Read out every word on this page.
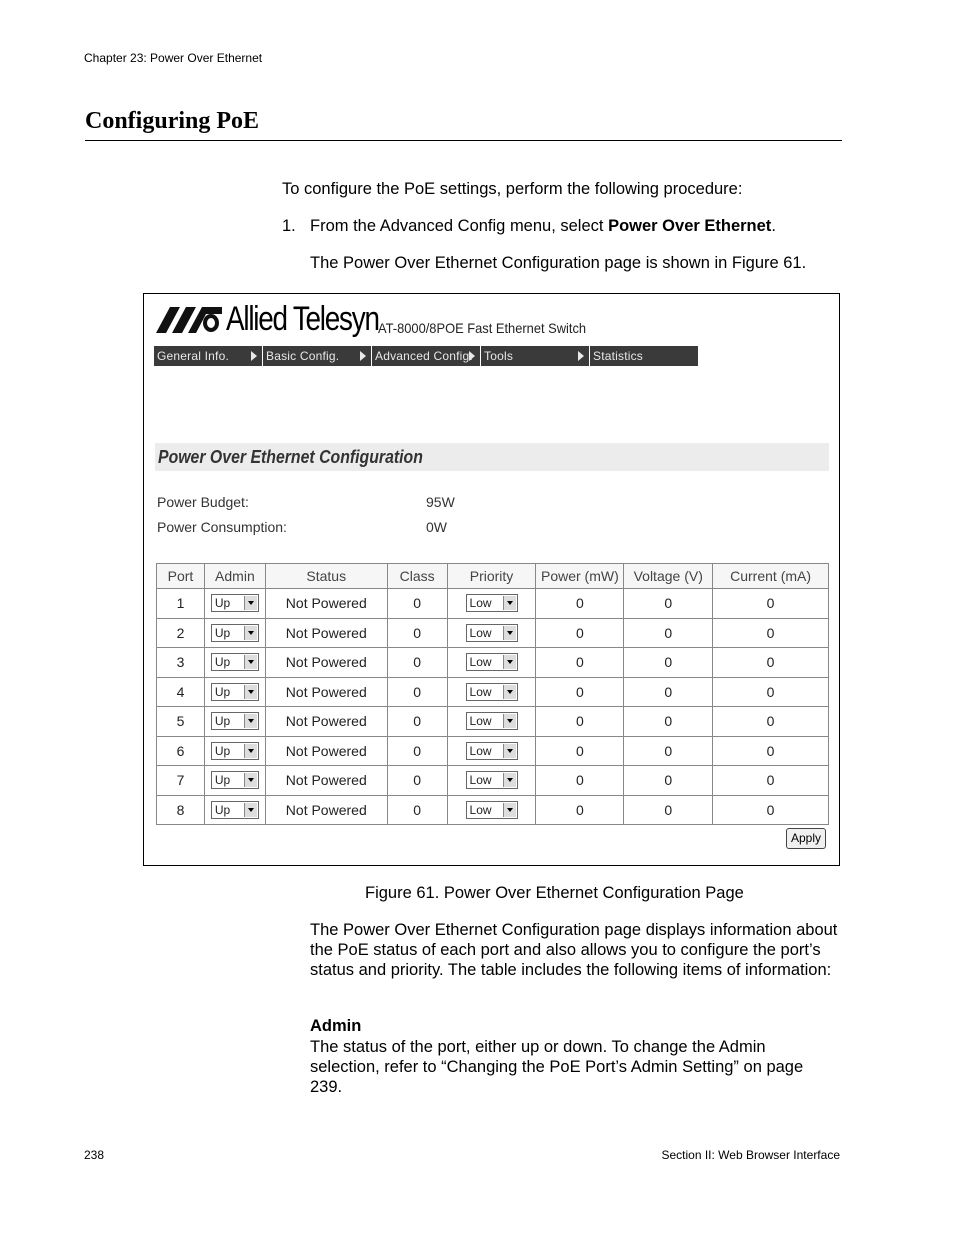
Chapter 23: Power Over Ethernet
Configuring PoE
To configure the PoE settings, perform the following procedure:
1. From the Advanced Config menu, select Power Over Ethernet.
The Power Over Ethernet Configuration page is shown in Figure 61.
Allied Telesyn AT-8000/8POE Fast Ethernet Switch
General Info.	Basic Config.	Advanced Config. Tools	Statistics
Power Over Ethernet Configuration
Power Budget:	95W
Power Consumption:	0W
Port	Admin	Status	Class	Priority	Power (mW)	Voltage (V)	Current (mA)
1	Up	Not Powered	0	Low	0	0	0
2	Up	Not Powered	0	Low	0	0	0
3	Up	Not Powered	0	Low	0	0	0
4	Up	Not Powered	0	Low	0	0	0
5	Up	Not Powered	0	Low	0	0	0
6	Up	Not Powered	0	Low	0	0	0
7	Up	Not Powered	0	Low	0	0	0
8	Up	Not Powered	0	Low	0	0	0
Apply
Figure 61. Power Over Ethernet Configuration Page
The Power Over Ethernet Configuration page displays information about the PoE status of each port and also allows you to configure the port’s status and priority. The table includes the following items of information:
Admin
The status of the port, either up or down. To change the Admin selection, refer to “Changing the PoE Port’s Admin Setting” on page 239.
238	Section II: Web Browser Interface
